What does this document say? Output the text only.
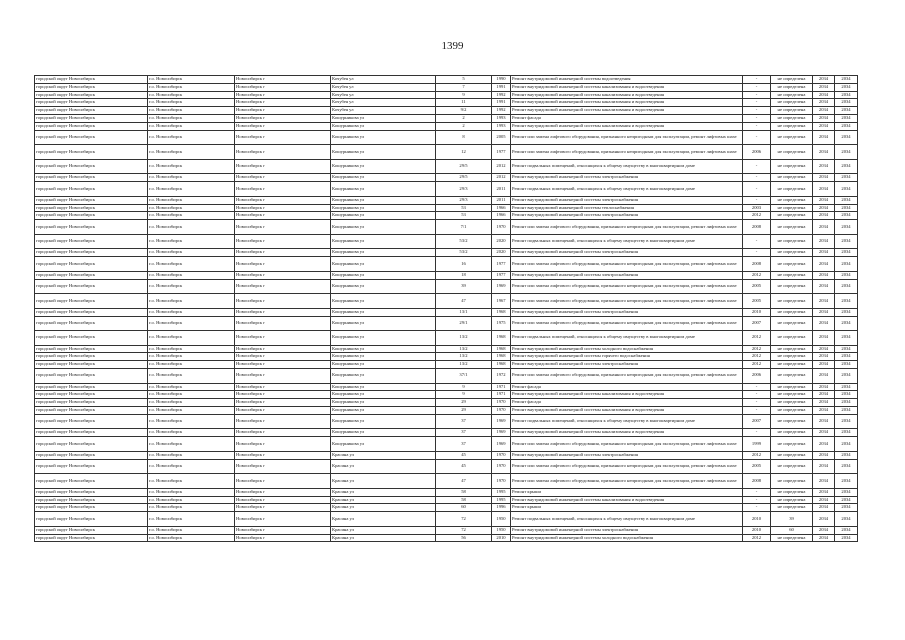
1399
городской округ Новосибирск	г.о. Новосибирск	Новосибирск г	Кочубея ул	5	1990	Ремонт внутридомовой инженерной системы водоотведения	-	не определена	2034	2034
городской округ Новосибирск	г.о. Новосибирск	Новосибирск г	Кочубея ул	7	1991	Ремонт внутридомовой инженерной системы канализования и водоотведения	-	не определена	2034	2034
городской округ Новосибирск	г.о. Новосибирск	Новосибирск г	Кочубея ул	9	1992	Ремонт внутридомовой инженерной системы канализования и водоотведения	-	не определена	2034	2034
городской округ Новосибирск	г.о. Новосибирск	Новосибирск г	Кочубея ул	11	1991	Ремонт внутридомовой инженерной системы канализования и водоотведения	-	не определена	2034	2034
городской округ Новосибирск	г.о. Новосибирск	Новосибирск г	Кочубея ул	9/2	1992	Ремонт внутридомовой инженерной системы канализования и водоотведения	-	не определена	2034	2034
городской округ Новосибирск	г.о. Новосибирск	Новосибирск г	Кошурникова ул	2	1993	Ремонт фасада	-	не определена	2034	2034
городской округ Новосибирск	г.о. Новосибирск	Новосибирск г	Кошурникова ул	2	1993	Ремонт внутридомовой инженерной системы канализования и водоотведения	-	не определена	2034	2034
городской округ Новосибирск	г.о. Новосибирск	Новосибирск г	Кошурникова ул	8	2005	Ремонт или замена лифтового оборудования, признанного непригодным для эксплуатации, ремонт лифтовых шахт	-	не определена	2034	2034
городской округ Новосибирск	г.о. Новосибирск	Новосибирск г	Кошурникова ул	12	1977	Ремонт или замена лифтового оборудования, признанного непригодным для эксплуатации, ремонт лифтовых шахт	2006	не определена	2034	2034
городской округ Новосибирск	г.о. Новосибирск	Новосибирск г	Кошурникова ул	29/5	2012	Ремонт подвальных помещений, относящихся к общему имуществу в многоквартирном доме	-	не определена	2034	2034
городской округ Новосибирск	г.о. Новосибирск	Новосибирск г	Кошурникова ул	29/5	2012	Ремонт внутридомовой инженерной системы электроснабжения	-	не определена	2034	2034
городской округ Новосибирск	г.о. Новосибирск	Новосибирск г	Кошурникова ул	29/3	2011	Ремонт подвальных помещений, относящихся к общему имуществу в многоквартирном доме	-	не определена	2034	2034
городской округ Новосибирск	г.о. Новосибирск	Новосибирск г	Кошурникова ул	29/3	2011	Ремонт внутридомовой инженерной системы электроснабжения	-	не определена	2034	2034
городской округ Новосибирск	г.о. Новосибирск	Новосибирск г	Кошурникова ул	53	1966	Ремонт внутридомовой инженерной системы теплоснабжения	2003	не определена	2034	2034
городской округ Новосибирск	г.о. Новосибирск	Новосибирск г	Кошурникова ул	53	1966	Ремонт внутридомовой инженерной системы электроснабжения	2012	не определена	2034	2034
городской округ Новосибирск	г.о. Новосибирск	Новосибирск г	Кошурникова ул	7/1	1970	Ремонт или замена лифтового оборудования, признанного непригодным для эксплуатации, ремонт лифтовых шахт	2008	не определена	2034	2034
городской округ Новосибирск	г.о. Новосибирск	Новосибирск г	Кошурникова ул	53/2	2020	Ремонт подвальных помещений, относящихся к общему имуществу в многоквартирном доме	-	не определена	2034	2034
городской округ Новосибирск	г.о. Новосибирск	Новосибирск г	Кошурникова ул	53/2	2020	Ремонт внутридомовой инженерной системы электроснабжения	-	не определена	2034	2034
городской округ Новосибирск	г.о. Новосибирск	Новосибирск г	Кошурникова ул	16	1977	Ремонт или замена лифтового оборудования, признанного непригодным для эксплуатации, ремонт лифтовых шахт	2008	не определена	2034	2034
городской округ Новосибирск	г.о. Новосибирск	Новосибирск г	Кошурникова ул	18	1977	Ремонт внутридомовой инженерной системы электроснабжения	2012	не определена	2034	2034
городской округ Новосибирск	г.о. Новосибирск	Новосибирск г	Кошурникова ул	39	1969	Ремонт или замена лифтового оборудования, признанного непригодным для эксплуатации, ремонт лифтовых шахт	2005	не определена	2034	2034
городской округ Новосибирск	г.о. Новосибирск	Новосибирск г	Кошурникова ул	47	1967	Ремонт или замена лифтового оборудования, признанного непригодным для эксплуатации, ремонт лифтовых шахт	2005	не определена	2034	2034
городской округ Новосибирск	г.о. Новосибирск	Новосибирск г	Кошурникова ул	13/1	1968	Ремонт внутридомовой инженерной системы электроснабжения	2010	не определена	2034	2034
городской округ Новосибирск	г.о. Новосибирск	Новосибирск г	Кошурникова ул	29/1	1975	Ремонт или замена лифтового оборудования, признанного непригодным для эксплуатации, ремонт лифтовых шахт	2007	не определена	2034	2034
городской округ Новосибирск	г.о. Новосибирск	Новосибирск г	Кошурникова ул	13/2	1968	Ремонт подвальных помещений, относящихся к общему имуществу в многоквартирном доме	2012	не определена	2034	2034
городской округ Новосибирск	г.о. Новосибирск	Новосибирск г	Кошурникова ул	13/2	1968	Ремонт внутридомовой инженерной системы холодного водоснабжения	2012	не определена	2034	2034
городской округ Новосибирск	г.о. Новосибирск	Новосибирск г	Кошурникова ул	13/2	1968	Ремонт внутридомовой инженерной системы горячего водоснабжения	2012	не определена	2034	2034
городской округ Новосибирск	г.о. Новосибирск	Новосибирск г	Кошурникова ул	13/2	1968	Ремонт внутридомовой инженерной системы электроснабжения	2012	не определена	2034	2034
городской округ Новосибирск	г.о. Новосибирск	Новосибирск г	Кошурникова ул	37/1	1972	Ремонт или замена лифтового оборудования, признанного непригодным для эксплуатации, ремонт лифтовых шахт	2006	не определена	2034	2034
городской округ Новосибирск	г.о. Новосибирск	Новосибирск г	Кошурникова ул	9	1971	Ремонт фасада	-	не определена	2034	2034
городской округ Новосибирск	г.о. Новосибирск	Новосибирск г	Кошурникова ул	9	1971	Ремонт внутридомовой инженерной системы канализования и водоотведения	-	не определена	2034	2034
городской округ Новосибирск	г.о. Новосибирск	Новосибирск г	Кошурникова ул	29	1970	Ремонт фасада	-	не определена	2034	2034
городской округ Новосибирск	г.о. Новосибирск	Новосибирск г	Кошурникова ул	29	1970	Ремонт внутридомовой инженерной системы канализования и водоотведения	-	не определена	2034	2034
городской округ Новосибирск	г.о. Новосибирск	Новосибирск г	Кошурникова ул	37	1969	Ремонт подвальных помещений, относящихся к общему имуществу в многоквартирном доме	2007	не определена	2034	2034
городской округ Новосибирск	г.о. Новосибирск	Новосибирск г	Кошурникова ул	37	1969	Ремонт внутридомовой инженерной системы канализования и водоотведения	-	не определена	2034	2034
городской округ Новосибирск	г.о. Новосибирск	Новосибирск г	Кошурникова ул	37	1969	Ремонт или замена лифтового оборудования, признанного непригодным для эксплуатации, ремонт лифтовых шахт	1999	не определена	2034	2034
городской округ Новосибирск	г.о. Новосибирск	Новосибирск г	Красина ул	45	1970	Ремонт внутридомовой инженерной системы электроснабжения	2012	не определена	2034	2034
городской округ Новосибирск	г.о. Новосибирск	Новосибирск г	Красина ул	45	1970	Ремонт или замена лифтового оборудования, признанного непригодным для эксплуатации, ремонт лифтовых шахт	2005	не определена	2034	2034
городской округ Новосибирск	г.о. Новосибирск	Новосибирск г	Красина ул	47	1970	Ремонт или замена лифтового оборудования, признанного непригодным для эксплуатации, ремонт лифтовых шахт	2008	не определена	2034	2034
городской округ Новосибирск	г.о. Новосибирск	Новосибирск г	Красина ул	58	1995	Ремонт крыши	-	не определена	2034	2034
городской округ Новосибирск	г.о. Новосибирск	Новосибирск г	Красина ул	58	1995	Ремонт внутридомовой инженерной системы канализования и водоотведения	-	не определена	2034	2034
городской округ Новосибирск	г.о. Новосибирск	Новосибирск г	Красина ул	60	1996	Ремонт крыши	-	не определена	2034	2034
городской округ Новосибирск	г.о. Новосибирск	Новосибирск г	Красина ул	72	1950	Ремонт подвальных помещений, относящихся к общему имуществу в многоквартирном доме	2010	39	2034	2034
городской округ Новосибирск	г.о. Новосибирск	Новосибирск г	Красина ул	72	1950	Ремонт внутридомовой инженерной системы электроснабжения	2010	60	2034	2034
городской округ Новосибирск	г.о. Новосибирск	Новосибирск г	Красина ул	56	2010	Ремонт внутридомовой инженерной системы холодного водоснабжения	2012	не определена	2034	2034
